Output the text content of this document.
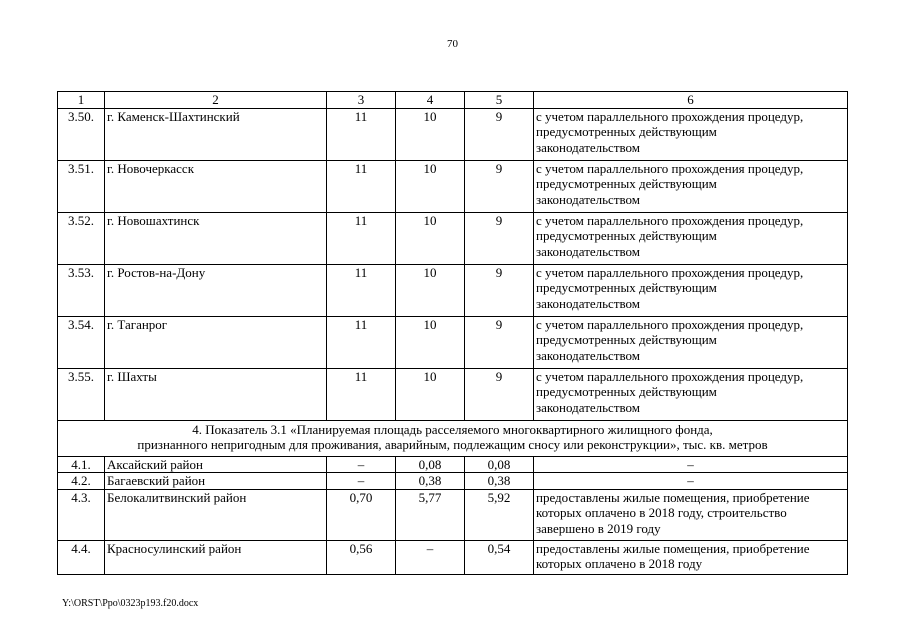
70
1	2	3	4	5	6
3.50.	г. Каменск-Шахтинский	11	10	9	с учетом параллельного прохождения процедур,
предусмотренных действующим
законодательством

3.51.	г. Новочеркасск	11	10	9	с учетом параллельного прохождения процедур,
предусмотренных действующим
законодательством

3.52.	г. Новошахтинск	11	10	9	с учетом параллельного прохождения процедур,
предусмотренных действующим
законодательством

3.53.	г. Ростов-на-Дону	11	10	9	с учетом параллельного прохождения процедур,
предусмотренных действующим
законодательством

3.54.	г. Таганрог	11	10	9	с учетом параллельного прохождения процедур,
предусмотренных действующим
законодательством

3.55.	г. Шахты	11	10	9	с учетом параллельного прохождения процедур,
предусмотренных действующим
законодательством

4. Показатель 3.1 «Планируемая площадь расселяемого многоквартирного жилищного фонда,
признанного непригодным для проживания, аварийным, подлежащим сносу или реконструкции», тыс. кв. метров					

4.1.	Аксайский район	–	0,08	0,08	–

4.2.	Багаевский район	–	0,38	0,38	–

4.3.	Белокалитвинский район	0,70	5,77	5,92	предоставлены жилые помещения, приобретение
которых оплачено в 2018 году, строительство
завершено в 2019 году

4.4.	Красносулинский район	0,56	–	0,54	предоставлены жилые помещения, приобретение
которых оплачено в 2018 году
Y:\ORST\Ppo\0323p193.f20.docx
